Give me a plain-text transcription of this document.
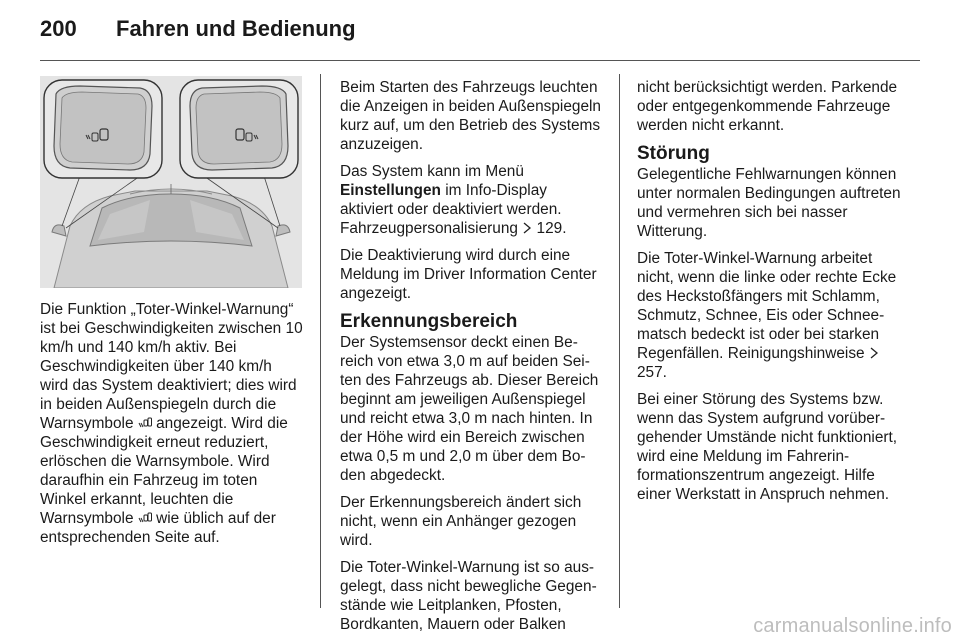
200 Fahren und Bedienung

Die Funktion „Toter-Winkel-Warnung“ ist bei Geschwindigkeiten zwischen 10 km/h und 140 km/h aktiv. Bei Geschwindigkeiten über 140 km/h wird das System deaktiviert; dies wird in beiden Außenspiegeln durch die Warnsymbole angezeigt. Wird die Geschwindigkeit erneut reduziert, erlöschen die Warnsymbole. Wird daraufhin ein Fahrzeug im toten Winkel erkannt, leuchten die Warnsymbole wie üblich auf der entsprechenden Seite auf.

Beim Starten des Fahrzeugs leuchten die Anzeigen in beiden Außenspiegeln kurz auf, um den Betrieb des Systems anzuzeigen.

Das System kann im Menü Einstellungen im Info-Display aktiviert oder deaktiviert werden. Fahrzeugpersonalisierung 129.

Die Deaktivierung wird durch eine Meldung im Driver Information Center angezeigt.

Erkennungsbereich

Der Systemsensor deckt einen Bereich von etwa 3,0 m auf beiden Seiten des Fahrzeugs ab. Dieser Bereich beginnt am jeweiligen Außenspiegel und reicht etwa 3,0 m nach hinten. In der Höhe wird ein Bereich zwischen etwa 0,5 m und 2,0 m über dem Boden abgedeckt.

Der Erkennungsbereich ändert sich nicht, wenn ein Anhänger gezogen wird.

Die Toter-Winkel-Warnung ist so ausgelegt, dass nicht bewegliche Gegenstände wie Leitplanken, Pfosten, Bordkanten, Mauern oder Balken

nicht berücksichtigt werden. Parkende oder entgegenkommende Fahrzeuge werden nicht erkannt.

Störung

Gelegentliche Fehlwarnungen können unter normalen Bedingungen auftreten und vermehren sich bei nasser Witterung.

Die Toter-Winkel-Warnung arbeitet nicht, wenn die linke oder rechte Ecke des Heckstoßfängers mit Schlamm, Schmutz, Schnee, Eis oder Schneematsch bedeckt ist oder bei starken Regenfällen. Reinigungshinweise  257.

Bei einer Störung des Systems bzw. wenn das System aufgrund vorübergehender Umstände nicht funktioniert, wird eine Meldung im Fahrerinformationszentrum angezeigt. Hilfe einer Werkstatt in Anspruch nehmen.

carmanualsonline.info
